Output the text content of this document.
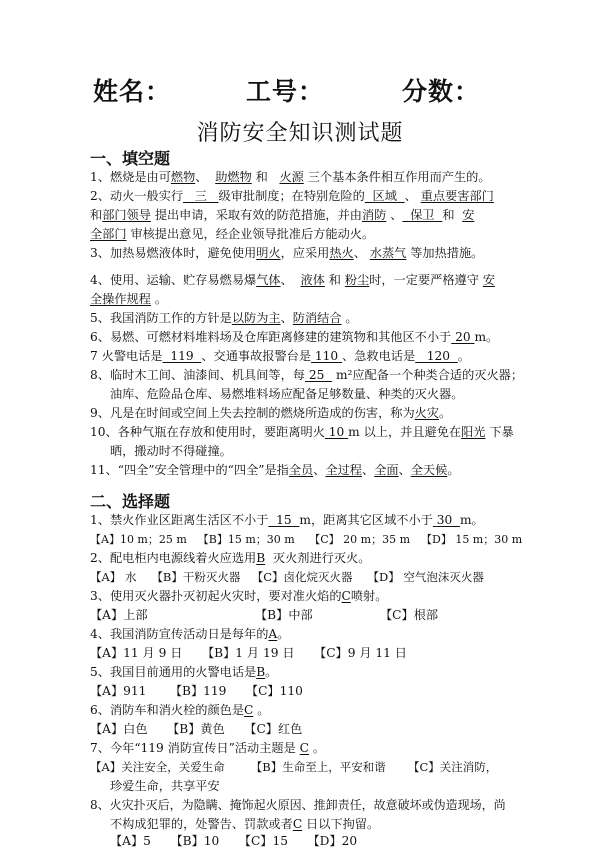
姓名：	工号：	分数：
消防安全知识测试题
一、填空题
1、燃烧是由可燃物、 助燃物 和 火源 三个基本条件相互作用而产生的。
2、动火一般实行 三 级审批制度；在特别危险的 区域 、 重点要害部门
和部门领导 提出申请，采取有效的防范措施，并由消防 、 保卫 和 安
全部门 审核提出意见，经企业领导批准后方能动火。
3、加热易燃液体时，避免使用明火，应采用热火、 水蒸气 等加热措施。
4、使用、运输、贮存易燃易爆气体、 液体 和 粉尘时，一定要严格遵守 安
全操作规程 。
5、我国消防工作的方针是以防为主、防消结合 。
6、易燃、可燃材料堆料场及仓库距离修建的建筑物和其他区不小于 20 m。
7 火警电话是 119 、交通事故报警台是 110 、急救电话是 120 。
8、临时木工间、油漆间、机具间等，每 25 m²应配备一个种类合适的灭火器；
油库、危险品仓库、易燃堆料场应配备足够数量、种类的灭火器。
9、凡是在时间或空间上失去控制的燃烧所造成的伤害，称为火灾。
10、各种气瓶在存放和使用时，要距离明火 10 m 以上，并且避免在阳光 下暴
晒，搬动时不得碰撞。
11、“四全”安全管理中的“四全”是指全员、全过程、全面、全天候。
二、选择题
1、禁火作业区距离生活区不小于 15 m，距离其它区域不小于 30 m。
【A】10 m；25 m 【B】15 m；30 m 【C】 20 m；35 m 【D】 15 m；30 m
2、配电柜内电源线着火应选用B 灭火剂进行灭火。
【A】 水 【B】干粉灭火器 【C】卤化烷灭火器 【D】 空气泡沫灭火器
3、使用灭火器扑灭初起火灾时，要对准火焰的C喷射。
【A】上部	【B】中部	【C】根部
4、我国消防宣传活动日是每年的A。
【A】11 月 9 日 【B】1 月 19 日 【C】9 月 11 日
5、我国目前通用的火警电话是B。
【A】911 【B】119 【C】110
6、消防车和消火栓的颜色是C 。
【A】白色 【B】黄色 【C】红色
7、今年“119 消防宣传日”活动主题是 C 。
【A】关注安全，关爱生命 【B】生命至上，平安和谐 【C】关注消防，
珍爱生命，共享平安
8、火灾扑灭后，为隐瞒、掩饰起火原因、推卸责任，故意破坏或伪造现场，尚
不构成犯罪的，处警告、罚款或者C 日以下拘留。
【A】5 【B】10 【C】15 【D】20
